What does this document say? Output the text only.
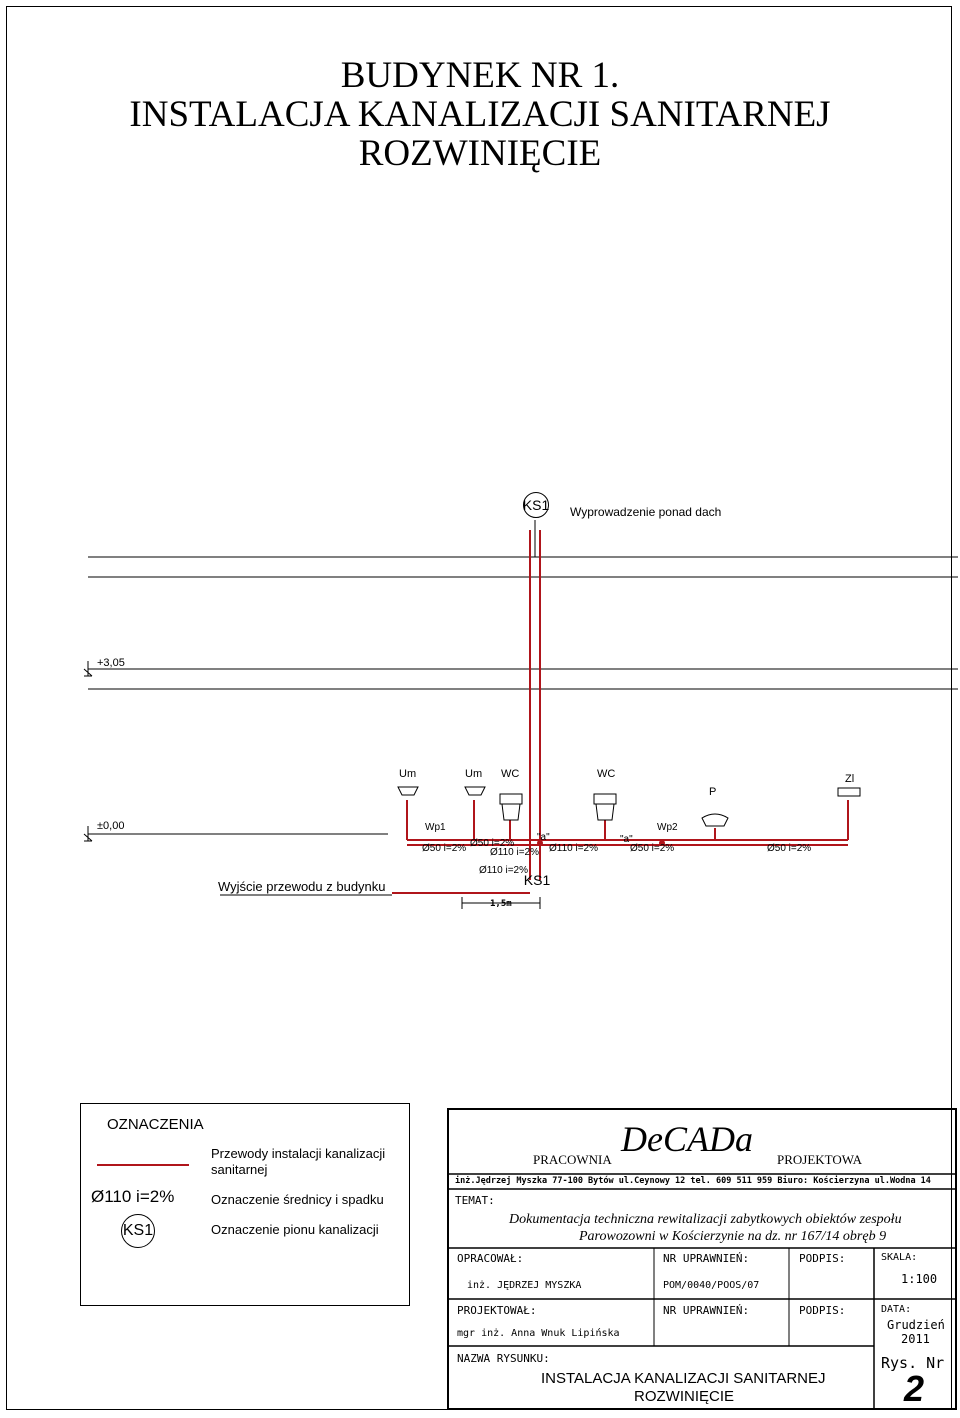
BUDYNEK NR 1.
INSTALACJA KANALIZACJI SANITARNEJ
ROZWINIĘCIE
KS1 Wyprowadzenie ponad dach
+3,05
±0,00
Um	Um WC	WC
P
Zl
Wp1	Wp2
Ø50 i=2% Ø50 i=2%
Ø110 i=2%
"a"
Ø110 i=2%
"a"
Ø50 i=2%	Ø50 i=2%
Wyjście przewodu z budynku
Ø110 i=2%
KS1
1,5m
OZNACZENIA
Przewody instalacji kanalizacji sanitarnej
Ø110 i=2%	Oznaczenie średnicy i spadku
KS1	Oznaczenie pionu kanalizacji
PRACOWNIA
DeCADa
PROJEKTOWA
inż.Jędrzej Myszka 77-100 Bytów ul.Ceynowy 12 tel. 609 511 959 Biuro: Kościerzyna ul.Wodna 14
TEMAT:
Dokumentacja techniczna rewitalizacji zabytkowych obiektów zespołu
Parowozowni w Kościerzynie na dz. nr 167/14 obręb 9
OPRACOWAŁ:
inż. JĘDRZEJ MYSZKA
NR UPRAWNIEŃ:
POM/0040/POOS/07
PODPIS:	SKALA:
1:100
PROJEKTOWAŁ:
mgr inż. Anna Wnuk Lipińska
NR UPRAWNIEŃ:	PODPIS:	DATA:
Grudzień
2011
NAZWA RYSUNKU:
INSTALACJA KANALIZACJI SANITARNEJ
ROZWINIĘCIE
Rys. Nr
2
